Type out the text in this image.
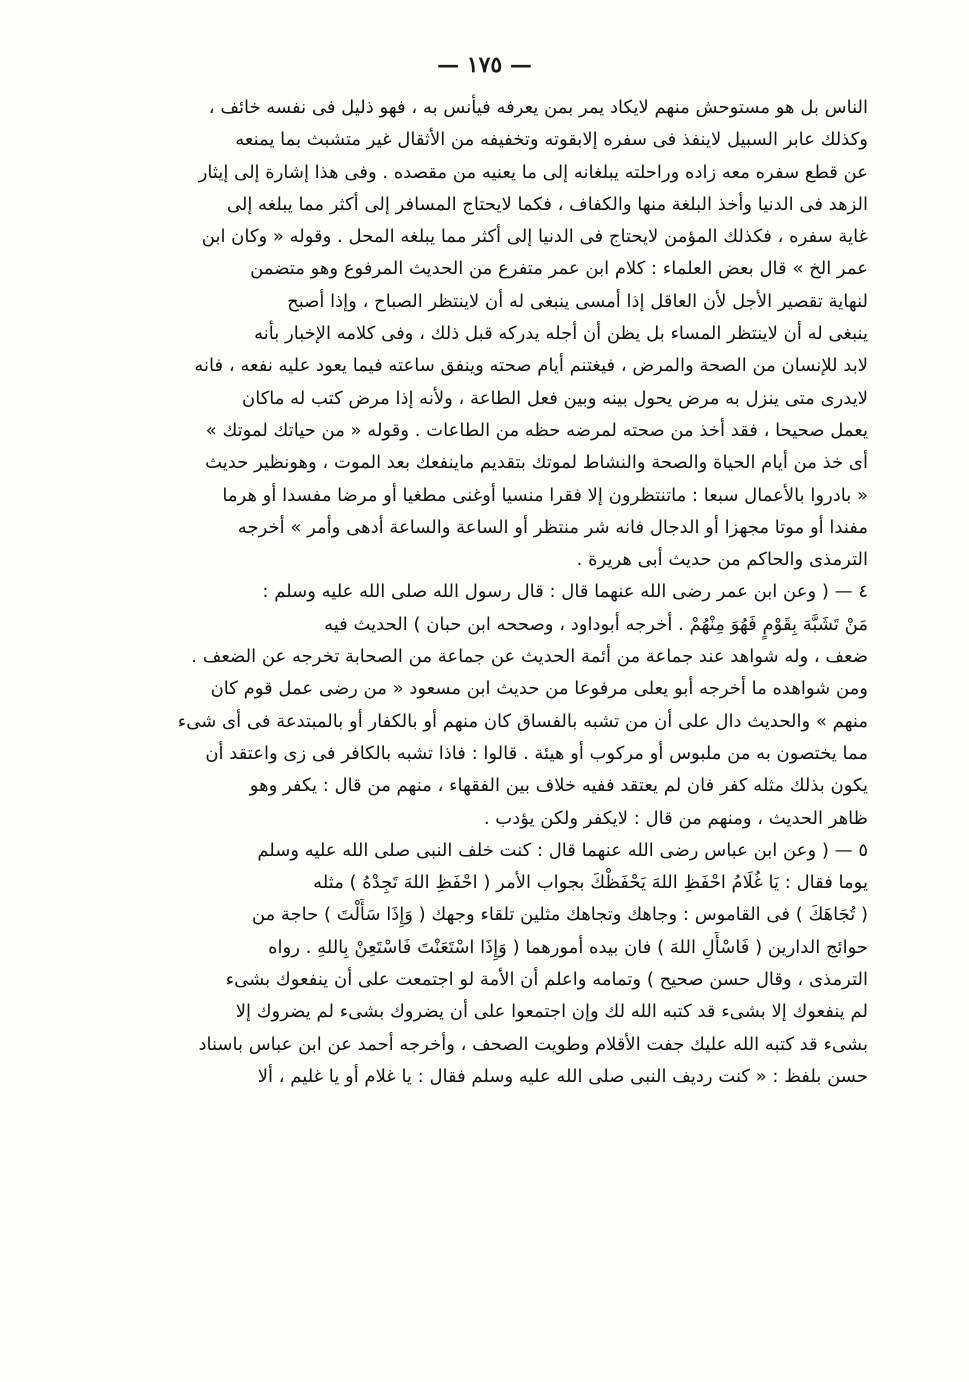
— ١٧٥ —
الناس بل هو مستوحش منهم لايكاد يمر بمن يعرفه فيأنس به ، فهو ذليل فى نفسه خائف ،
وكذلك عابر السبيل لاينفذ فى سفره إلابقوته وتخفيفه من الأثقال غير متشبث بما يمنعه
عن قطع سفره معه زاده وراحلته يبلغانه إلى ما يعنيه من مقصده . وفى هذا إشارة إلى إيثار
الزهد فى الدنيا وأخذ البلغة منها والكفاف ، فكما لايحتاج المسافر إلى أكثر مما يبلغه إلى
غاية سفره ، فكذلك المؤمن لايحتاج فى الدنيا إلى أكثر مما يبلغه المحل . وقوله « وكان ابن
عمر الخ » قال بعض العلماء : كلام ابن عمر متفرع من الحديث المرفوع وهو متضمن
لنهاية تقصير الأجل لأن العاقل إذا أمسى ينبغى له أن لاينتظر الصباح ، وإذا أصبح
ينبغى له أن لاينتظر المساء بل يظن أن أجله يدركه قبل ذلك ، وفى كلامه الإخبار بأنه
لابد للإنسان من الصحة والمرض ، فيغتنم أيام صحته وينفق ساعته فيما يعود عليه نفعه ، فانه
لايدرى متى ينزل به مرض يحول بينه وبين فعل الطاعة ، ولأنه إذا مرض كتب له ماكان
يعمل صحيحا ، فقد أخذ من صحته لمرضه حظه من الطاعات . وقوله « من حياتك لموتك »
أى خذ من أيام الحياة والصحة والنشاط لموتك بتقديم ماينفعك بعد الموت ، وهونظير حديث
« بادروا بالأعمال سبعا : ماتنتظرون إلا فقرا منسيا أوغنى مطغيا أو مرضا مفسدا أو هرما
مفندا أو موتا مجهزا أو الدجال فانه شر منتظر أو الساعة والساعة أدهى وأمر » أخرجه
الترمذى والحاكم من حديث أبى هريرة .
٤ — ( وعن ابن عمر رضى الله عنهما قال : قال رسول الله صلى الله عليه وسلم :
مَنْ تَشَبَّهَ بِقَوْمٍ فَهُوَ مِنْهُمْ . أخرجه أبوداود ، وصححه ابن حبان ) الحديث فيه
ضعف ، وله شواهد عند جماعة من أئمة الحديث عن جماعة من الصحابة تخرجه عن الضعف .
ومن شواهده ما أخرجه أبو يعلى مرفوعا من حديث ابن مسعود « من رضى عمل قوم كان
منهم » والحديث دال على أن من تشبه بالفساق كان منهم أو بالكفار أو بالمبتدعة فى أى شىء
مما يختصون به من ملبوس أو مركوب أو هيئة . قالوا : فاذا تشبه بالكافر فى زى واعتقد أن
يكون بذلك مثله كفر فان لم يعتقد ففيه خلاف بين الفقهاء ، منهم من قال : يكفر وهو
ظاهر الحديث ، ومنهم من قال : لايكفر ولكن يؤدب .
٥ — ( وعن ابن عباس رضى الله عنهما قال : كنت خلف النبى صلى الله عليه وسلم
يوما فقال : يَا غُلَامُ احْفَظِ اللهَ يَحْفَظْكَ بجواب الأمر ( احْفَظِ اللهَ تَجِدْهُ ) مثله
( تُجَاهَكَ ) فى القاموس : وجاهك وتجاهك مثلين تلقاء وجهك ( وَإِذَا سَأَلْتَ ) حاجة من
حوائج الدارين ( فَاسْأَلِ اللهَ ) فان بيده أمورهما ( وَإِذَا اسْتَعَنْتَ فَاسْتَعِنْ بِاللهِ . رواه
الترمذى ، وقال حسن صحيح ) وتمامه واعلم أن الأمة لو اجتمعت على أن ينفعوك بشىء
لم ينفعوك إلا بشىء قد كتبه الله لك وإن اجتمعوا على أن يضروك بشىء لم يضروك إلا
بشىء قد كتبه الله عليك جفت الأقلام وطويت الصحف ، وأخرجه أحمد عن ابن عباس باسناد
حسن بلفظ : « كنت رديف النبى صلى الله عليه وسلم فقال : يا غلام أو يا غليم ، ألا
